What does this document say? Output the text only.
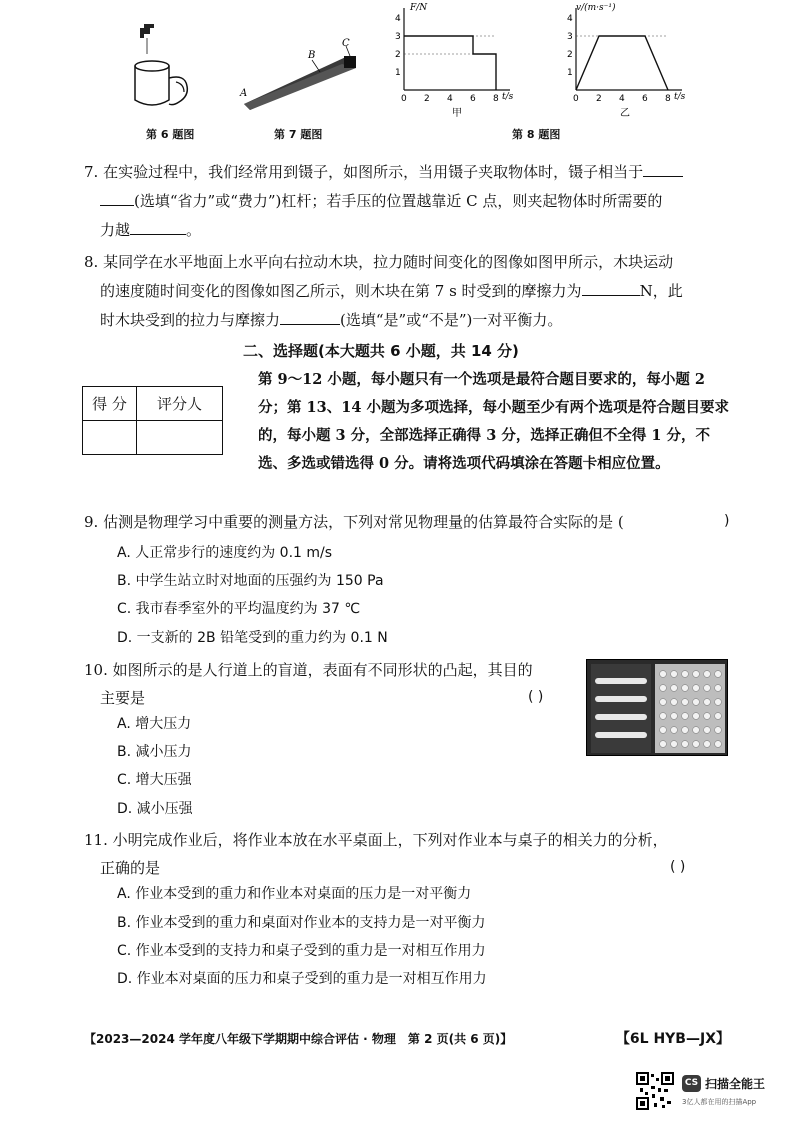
第 6 题图
A
B
C
第 7 题图
0 2 4 6 8
1
2
3
4
F/N
t/s
甲
0 2 4 6 8
1
2
3
4
v/(m·s⁻¹)
t/s
乙
第 8 题图
7. 在实验过程中，我们经常用到镊子，如图所示，当用镊子夹取物体时，镊子相当于
(选填“省力”或“费力”)杠杆；若手压的位置越靠近 C 点，则夹起物体时所需要的
力越	。
8. 某同学在水平地面上水平向右拉动木块，拉力随时间变化的图像如图甲所示，木块运动
的速度随时间变化的图像如图乙所示，则木块在第 7 s 时受到的摩擦力为	N，此
时木块受到的拉力与摩擦力	(选填“是”或“不是”)一对平衡力。
二、选择题(本大题共 6 小题，共 14 分)
得 分	评分人

第 9～12 小题，每小题只有一个选项是最符合题目要求的，每小题 2 分；第 13、14 小题为多项选择，每小题至少有两个选项是符合题目要求的，每小题 3 分，全部选择正确得 3 分，选择正确但不全得 1 分，不选、多选或错选得 0 分。请将选项代码填涂在答题卡相应位置。
9. 估测是物理学习中重要的测量方法，下列对常见物理量的估算最符合实际的是 (	)
A. 人正常步行的速度约为 0.1 m/s
B. 中学生站立时对地面的压强约为 150 Pa
C. 我市春季室外的平均温度约为 37 ℃
D. 一支新的 2B 铅笔受到的重力约为 0.1 N
10. 如图所示的是人行道上的盲道，表面有不同形状的凸起，其目的
主要是	( )
A. 增大压力
B. 减小压力
C. 增大压强
D. 减小压强
11. 小明完成作业后，将作业本放在水平桌面上，下列对作业本与桌子的相关力的分析，
正确的是	( )
A. 作业本受到的重力和作业本对桌面的压力是一对平衡力
B. 作业本受到的重力和桌面对作业本的支持力是一对平衡力
C. 作业本受到的支持力和桌子受到的重力是一对相互作用力
D. 作业本对桌面的压力和桌子受到的重力是一对相互作用力
【2023—2024 学年度八年级下学期期中综合评估 · 物理　第 2 页(共 6 页)】	【6L HYB—JX】
CS 扫描全能王
3亿人都在用的扫描App
